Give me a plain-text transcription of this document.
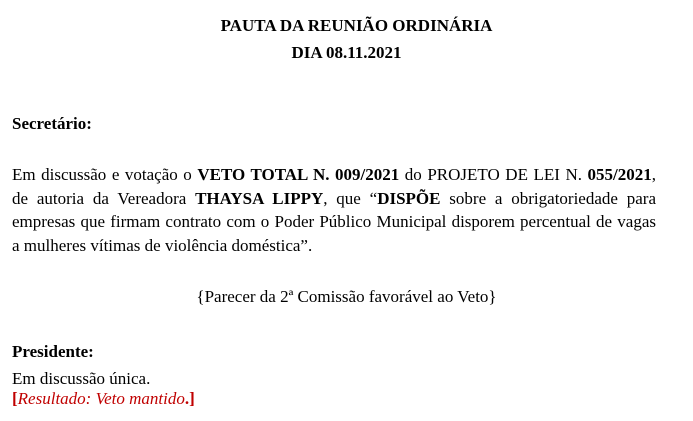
PAUTA DA REUNIÃO ORDINÁRIA
DIA 08.11.2021

Secretário:

Em discussão e votação o VETO TOTAL N. 009/2021 do PROJETO DE LEI N. 055/2021, de autoria da Vereadora THAYSA LIPPY, que “DISPÕE sobre a obrigatoriedade para empresas que firmam contrato com o Poder Público Municipal disporem percentual de vagas a mulheres vítimas de violência doméstica”.

{Parecer da 2ª Comissão favorável ao Veto}

Presidente:

Em discussão única.

[Resultado: Veto mantido.]
